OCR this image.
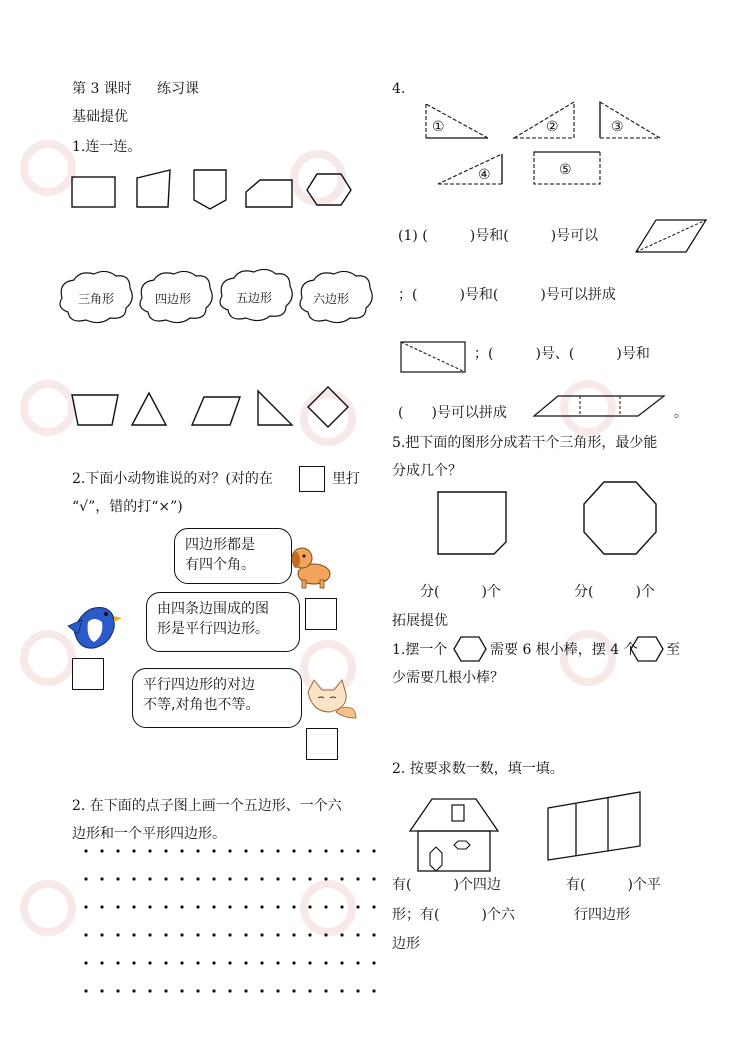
第 3 课时 练习课
基础提优
1.连一连。
三角形	四边形	五边形	六边形
2.下面小动物谁说的对？(对的在	里打
“√”，错的打“×”)
四边形都是
有四个角。
由四条边围成的图
形是平行四边形。
平行四边形的对边
不等,对角也不等。
2. 在下面的点子图上画一个五边形、一个六
边形和一个平形四边形。
4.
①	②	③
④	⑤
(1) (　　　)号和(　　　)号可以
；(　　　)号和(　　　)号可以拼成
；(　　　)号、(　　　)号和
(　　)号可以拼成	。
5.把下面的图形分成若干个三角形，最少能
分成几个？
分(　　　)个	分(　　　)个
拓展提优
1.摆一个	需要 6 根小棒，摆 4 个 至
少需要几根小棒？
2. 按要求数一数，填一填。
有(　　　)个四边
形；有(　　　)个六
边形
有(　　　)个平
行四边形
